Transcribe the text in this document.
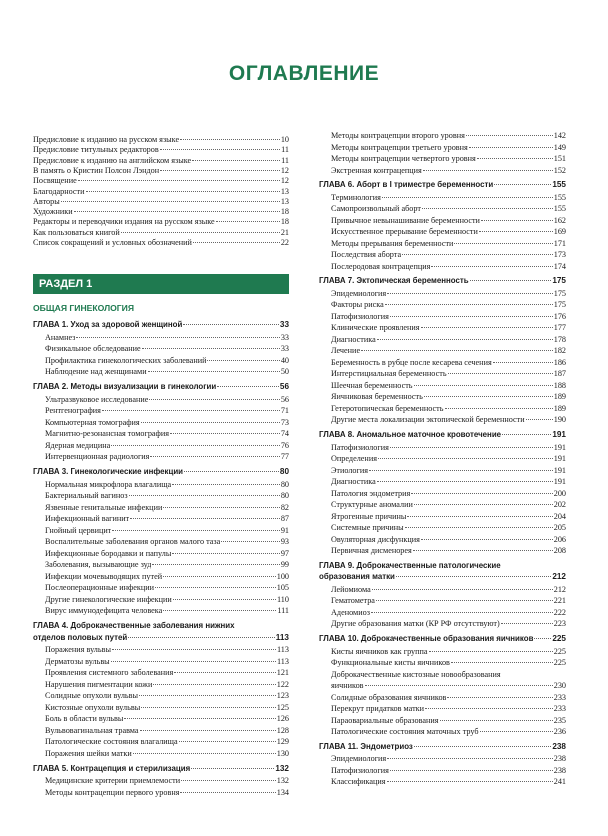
ОГЛАВЛЕНИЕ
Предисловие к изданию на русском языке	10
Предисловие титульных редакторов	11
Предисловие к изданию на английском языке	11
В память о Кристин Полсон Лэндон	12
Посвящение	12
Благодарности	13
Авторы	13
Художники	18
Редакторы и переводчики издания на русском языке	18
Как пользоваться книгой	21
Список сокращений и условных обозначений	22
ГЛАВА 1. Уход за здоровой женщиной	33
Анамнез	33
Физикальное обследование	33
Профилактика гинекологических заболеваний	40
Наблюдение над женщинами	50
ГЛАВА 2. Методы визуализации в гинекологии	56
Ультразвуковое исследование	56
Рентгенография	71
Компьютерная томография	73
Магнитно-резонансная томография	74
Ядерная медицина	76
Интервенционная радиология	77
ГЛАВА 3. Гинекологические инфекции	80
Нормальная микрофлора влагалища	80
Бактериальный вагиноз	80
Язвенные генитальные инфекции	82
Инфекционный вагинит	87
Гнойный цервицит	91
Воспалительные заболевания органов малого таза	93
Инфекционные бородавки и папулы	97
Заболевания, вызывающие зуд	99
Инфекции мочевыводящих путей	100
Послеоперационные инфекции	105
Другие гинекологические инфекции	110
Вирус иммунодефицита человека	111
ГЛАВА 4. Доброкачественные заболевания нижних
отделов половых путей	113
Поражения вульвы	113
Дерматозы вульвы	113
Проявления системного заболевания	121
Нарушения пигментации кожи	122
Солидные опухоли вульвы	123
Кистозные опухоли вульвы	125
Боль в области вульвы	126
Вульвовагинальная травма	128
Патологические состояния влагалища	129
Поражения шейки матки	130
ГЛАВА 5. Контрацепция и стерилизация	132
Медицинские критерии приемлемости	132
Методы контрацепции первого уровня	134
Методы контрацепции второго уровня	142
Методы контрацепции третьего уровня	149
Методы контрацепции четвертого уровня	151
Экстренная контрацепция	152
ГЛАВА 6. Аборт в I триместре беременности	155
Терминология	155
Самопроизвольный аборт	155
Привычное невынашивание беременности	162
Искусственное прерывание беременности	169
Методы прерывания беременности	171
Последствия аборта	173
Послеродовая контрацепция	174
ГЛАВА 7. Эктопическая беременность	175
Эпидемиология	175
Факторы риска	175
Патофизиология	176
Клинические проявления	177
Диагностика	178
Лечение	182
Беременность в рубце после кесарева сечения	186
Интерстициальная беременность	187
Шеечная беременность	188
Яичниковая беременность	189
Гетеротопическая беременность	189
Другие места локализации эктопической беременности	190
ГЛАВА 8. Аномальное маточное кровотечение	191
Патофизиология	191
Определения	191
Этиология	191
Диагностика	191
Патология эндометрия	200
Структурные аномалии	202
Ятрогенные причины	204
Системные причины	205
Овуляторная дисфункция	206
Первичная дисменорея	208
ГЛАВА 9. Доброкачественные патологические
образования матки	212
Лейомиома	212
Гематометра	221
Аденомиоз	222
Другие образования матки (КР РФ отсутствуют)	223
ГЛАВА 10. Доброкачественные образования яичников 225
Кисты яичников как группа	225
Функциональные кисты яичников	225
Доброкачественные кистозные новообразования
яичников	230
Солидные образования яичников	233
Перекрут придатков матки	233
Параовариальные образования	235
Патологические состояния маточных труб	236
ГЛАВА 11. Эндометриоз	238
Эпидемиология	238
Патофизиология	238
Классификация	241
РАЗДЕЛ 1
ОБЩАЯ ГИНЕКОЛОГИЯ
